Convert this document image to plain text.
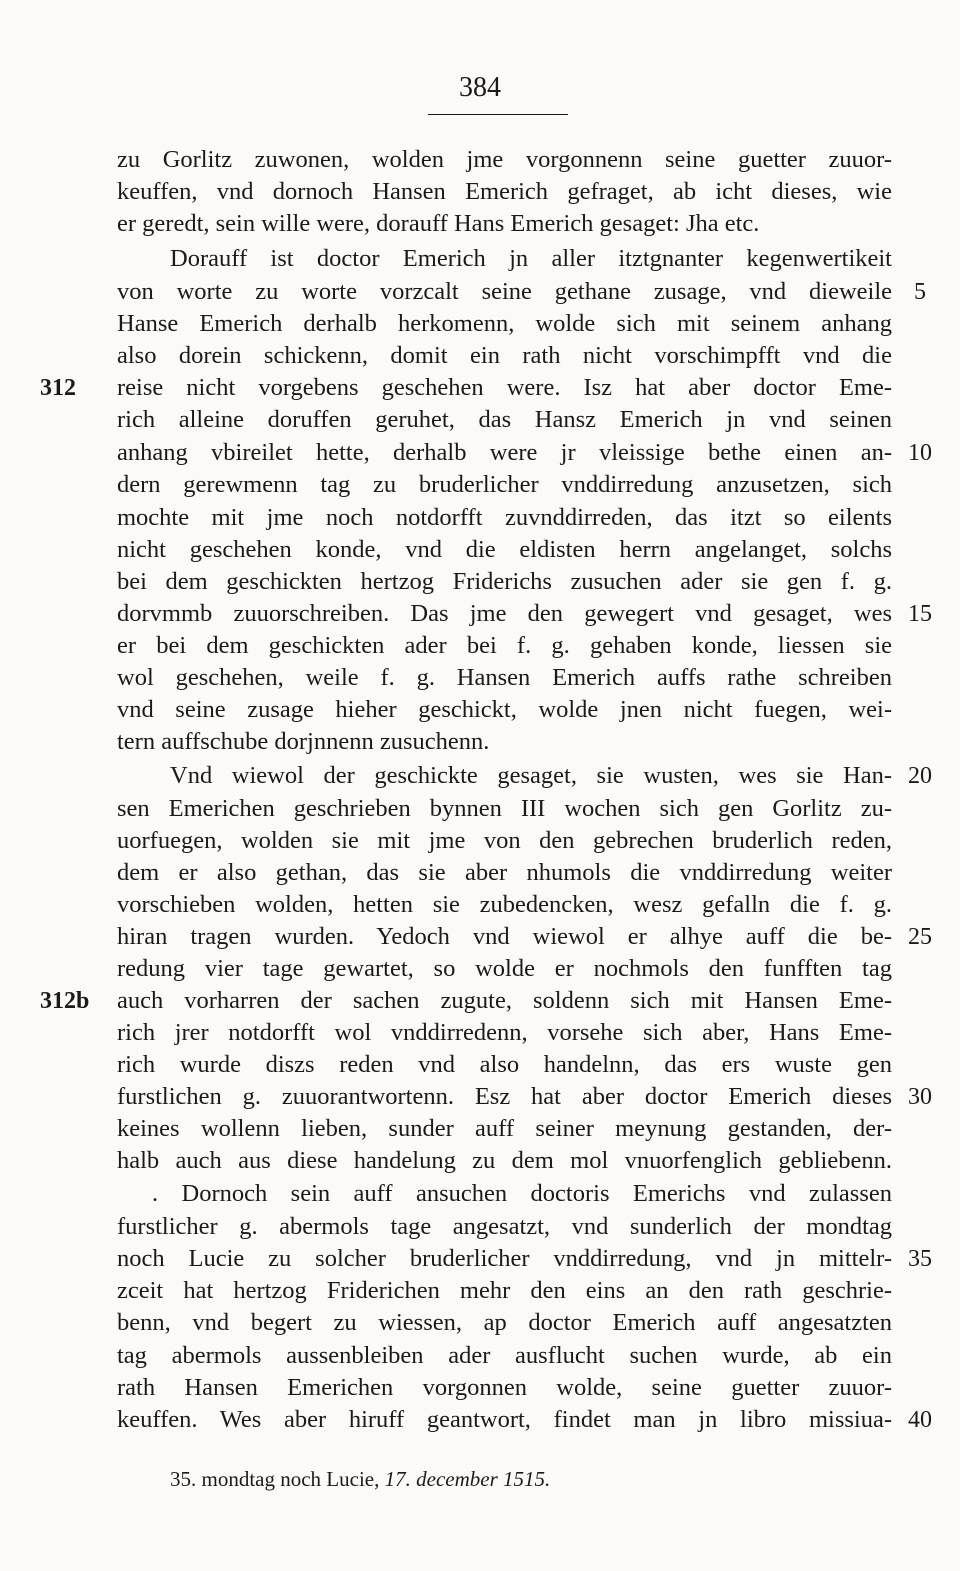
384
zu Gorlitz zuwonen, wolden jme vorgonnenn seine guetter zuuor-
keuffen, vnd dornoch Hansen Emerich gefraget, ab icht dieses, wie
er geredt, sein wille were, dorauff Hans Emerich gesaget: Jha etc.
Dorauff ist doctor Emerich jn aller itztgnanter kegenwertikeit
von worte zu worte vorzcalt seine gethane zusage, vnd dieweile
Hanse Emerich derhalb herkomenn, wolde sich mit seinem anhang
also dorein schickenn, domit ein rath nicht vorschimpfft vnd die
reise nicht vorgebens geschehen were. Isz hat aber doctor Eme-
rich alleine doruffen geruhet, das Hansz Emerich jn vnd seinen
anhang vbireilet hette, derhalb were jr vleissige bethe einen an-
dern gerewmenn tag zu bruderlicher vnddirredung anzusetzen, sich
mochte mit jme noch notdorfft zuvnddirreden, das itzt so eilents
nicht geschehen konde, vnd die eldisten herrn angelanget, solchs
bei dem geschickten hertzog Friderichs zusuchen ader sie gen f. g.
dorvmmb zuuorschreiben. Das jme den gewegert vnd gesaget, wes
er bei dem geschickten ader bei f. g. gehaben konde, liessen sie
wol geschehen, weile f. g. Hansen Emerich auffs rathe schreiben
vnd seine zusage hieher geschickt, wolde jnen nicht fuegen, wei-
tern auffschube dorjnnenn zusuchenn.
Vnd wiewol der geschickte gesaget, sie wusten, wes sie Han-
sen Emerichen geschrieben bynnen III wochen sich gen Gorlitz zu-
uorfuegen, wolden sie mit jme von den gebrechen bruderlich reden,
dem er also gethan, das sie aber nhumols die vnddirredung weiter
vorschieben wolden, hetten sie zubedencken, wesz gefalln die f. g.
hiran tragen wurden. Yedoch vnd wiewol er alhye auff die be-
redung vier tage gewartet, so wolde er nochmols den funfften tag
auch vorharren der sachen zugute, soldenn sich mit Hansen Eme-
rich jrer notdorfft wol vnddirredenn, vorsehe sich aber, Hans Eme-
rich wurde diszs reden vnd also handelnn, das ers wuste gen
furstlichen g. zuuorantwortenn. Esz hat aber doctor Emerich dieses
keines wollenn lieben, sunder auff seiner meynung gestanden, der-
halb auch aus diese handelung zu dem mol vnuorfenglich gebliebenn.
. Dornoch sein auff ansuchen doctoris Emerichs vnd zulassen
furstlicher g. abermols tage angesatzt, vnd sunderlich der mondtag
noch Lucie zu solcher bruderlicher vnddirredung, vnd jn mittelr-
zceit hat hertzog Friderichen mehr den eins an den rath geschrie-
benn, vnd begert zu wiessen, ap doctor Emerich auff angesatzten
tag abermols aussenbleiben ader ausflucht suchen wurde, ab ein
rath Hansen Emerichen vorgonnen wolde, seine guetter zuuor-
keuffen. Wes aber hiruff geantwort, findet man jn libro missiua-
5
10
15
20
25
30
35
40
312
312b
35. mondtag noch Lucie, 17. december 1515.
